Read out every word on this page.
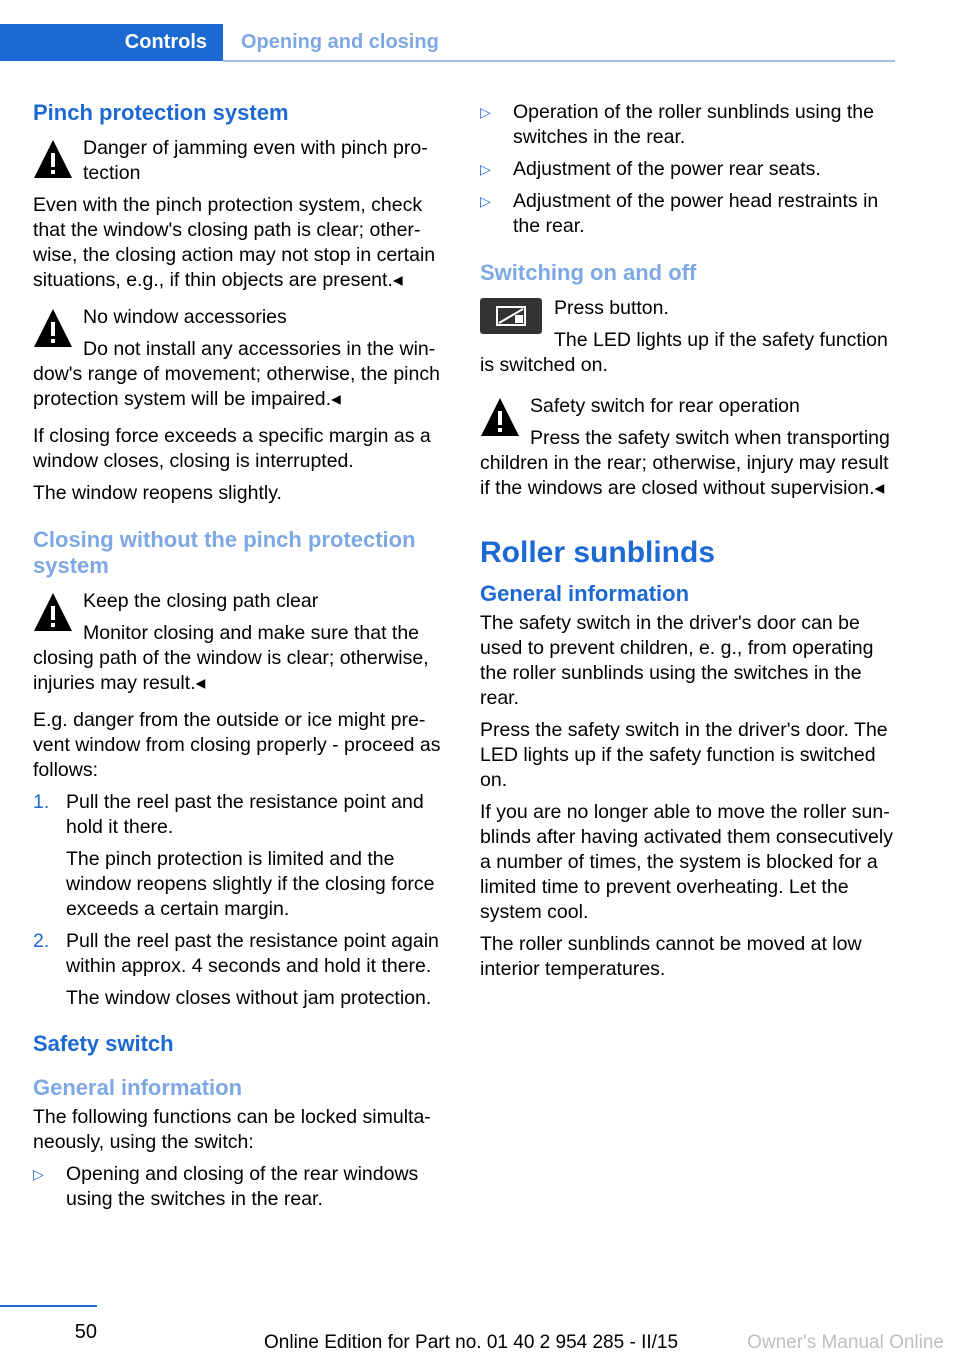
Controls	Opening and closing
Pinch protection system

Danger of jamming even with pinch protection

Even with the pinch protection system, check that the window's closing path is clear; otherwise, the closing action may not stop in certain situations, e.g., if thin objects are present.◂

No window accessories

Do not install any accessories in the window's range of movement; otherwise, the pinch protection system will be impaired.◂

If closing force exceeds a specific margin as a window closes, closing is interrupted.

The window reopens slightly.

Closing without the pinch protection system

Keep the closing path clear

Monitor closing and make sure that the closing path of the window is clear; otherwise, injuries may result.◂

E.g. danger from the outside or ice might prevent window from closing properly - proceed as follows:

1. Pull the reel past the resistance point and hold it there.

The pinch protection is limited and the window reopens slightly if the closing force exceeds a certain margin.

2. Pull the reel past the resistance point again within approx. 4 seconds and hold it there.

The window closes without jam protection.

Safety switch
General information

The following functions can be locked simultaneously, using the switch:

▷ Opening and closing of the rear windows using the switches in the rear.
▷ Operation of the roller sunblinds using the switches in the rear.
▷ Adjustment of the power rear seats.
▷ Adjustment of the power head restraints in the rear.
Switching on and off

Press button.

The LED lights up if the safety function is switched on.

Safety switch for rear operation

Press the safety switch when transporting children in the rear; otherwise, injury may result if the windows are closed without supervision.◂

Roller sunblinds
General information

The safety switch in the driver's door can be used to prevent children, e. g., from operating the roller sunblinds using the switches in the rear.

Press the safety switch in the driver's door. The LED lights up if the safety function is switched on.

If you are no longer able to move the roller sunblinds after having activated them consecutively a number of times, the system is blocked for a limited time to prevent overheating. Let the system cool.

The roller sunblinds cannot be moved at low interior temperatures.

50	Online Edition for Part no. 01 40 2 954 285 - II/15	Owner's Manual Online
